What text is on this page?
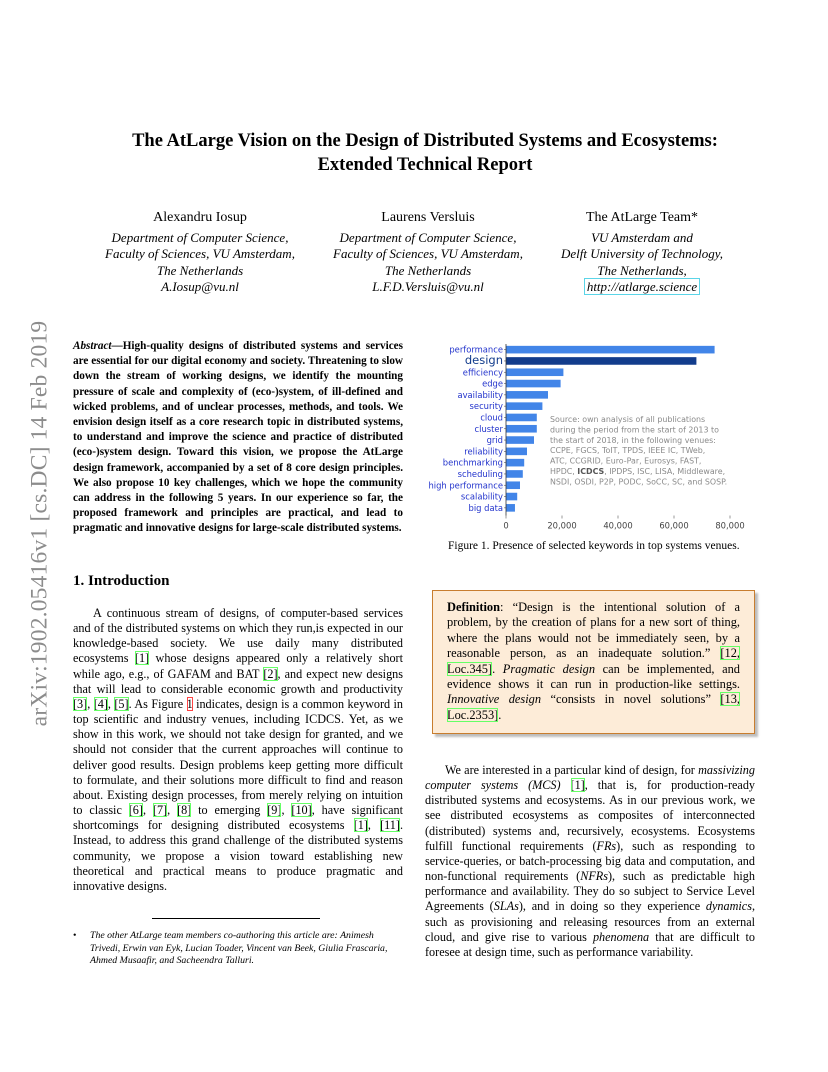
arXiv:1902.05416v1 [cs.DC] 14 Feb 2019
The AtLarge Vision on the Design of Distributed Systems and Ecosystems:
Extended Technical Report
Alexandru Iosup
Department of Computer Science,
Faculty of Sciences, VU Amsterdam,
The Netherlands
A.Iosup@vu.nl
Laurens Versluis
Department of Computer Science,
Faculty of Sciences, VU Amsterdam,
The Netherlands
L.F.D.Versluis@vu.nl
The AtLarge Team*
VU Amsterdam and
Delft University of Technology,
The Netherlands,
http://atlarge.science
Abstract—High-quality designs of distributed systems and services are essential for our digital economy and society. Threatening to slow down the stream of working designs, we identify the mounting pressure of scale and complexity of (eco-)system, of ill-defined and wicked problems, and of unclear processes, methods, and tools. We envision design itself as a core research topic in distributed systems, to understand and improve the science and practice of distributed (eco-)system design. Toward this vision, we propose the AtLarge design framework, accompanied by a set of 8 core design principles. We also propose 10 key challenges, which we hope the community can address in the following 5 years. In our experience so far, the proposed framework and principles are practical, and lead to pragmatic and innovative designs for large-scale distributed systems.
1. Introduction
A continuous stream of designs, of computer-based services and of the distributed systems on which they run,is expected in our knowledge-based society. We use daily many distributed ecosystems [1] whose designs appeared only a relatively short while ago, e.g., of GAFAM and BAT [2], and expect new designs that will lead to considerable economic growth and productivity [3], [4], [5]. As Figure 1 indicates, design is a common keyword in top scientific and industry venues, including ICDCS. Yet, as we show in this work, we should not take design for granted, and we should not consider that the current approaches will continue to deliver good results. Design problems keep getting more difficult to formulate, and their solutions more difficult to find and reason about. Existing design processes, from merely relying on intuition to classic [6], [7], [8] to emerging [9], [10], have significant shortcomings for designing distributed ecosystems [1], [11]. Instead, to address this grand challenge of the distributed systems community, we propose a vision toward establishing new theoretical and practical means to produce pragmatic and innovative designs.
• The other AtLarge team members co-authoring this article are: Animesh Trivedi, Erwin van Eyk, Lucian Toader, Vincent van Beek, Giulia Frascaria, Ahmed Musaafir, and Sacheendra Talluri.
performance
design
efficiency
edge
availability
security
cloud
cluster
grid
reliability
benchmarking
scheduling
high performance
scalability
big data
0	20,000	40,000	60,000	80,000
Source: own analysis of all publications
during the period from the start of 2013 to
the start of 2018, in the following venues:
CCPE, FGCS, ToIT, TPDS, IEEE IC, TWeb,
ATC, CCGRID, Euro-Par, Eurosys, FAST,
HPDC, ICDCS, IPDPS, ISC, LISA, Middleware,
NSDI, OSDI, P2P, PODC, SoCC, SC, and SOSP.
Figure 1. Presence of selected keywords in top systems venues.
Definition: “Design is the intentional solution of a problem, by the creation of plans for a new sort of thing, where the plans would not be immediately seen, by a reasonable person, as an inadequate solution.” [12, Loc.345]. Pragmatic design can be implemented, and evidence shows it can run in production-like settings. Innovative design “consists in novel solutions” [13, Loc.2353].
We are interested in a particular kind of design, for massivizing computer systems (MCS) [1], that is, for production-ready distributed systems and ecosystems. As in our previous work, we see distributed ecosystems as composites of interconnected (distributed) systems and, recursively, ecosystems. Ecosystems fulfill functional requirements (FRs), such as responding to service-queries, or batch-processing big data and computation, and non-functional requirements (NFRs), such as predictable high performance and availability. They do so subject to Service Level Agreements (SLAs), and in doing so they experience dynamics, such as provisioning and releasing resources from an external cloud, and give rise to various phenomena that are difficult to foresee at design time, such as performance variability.
